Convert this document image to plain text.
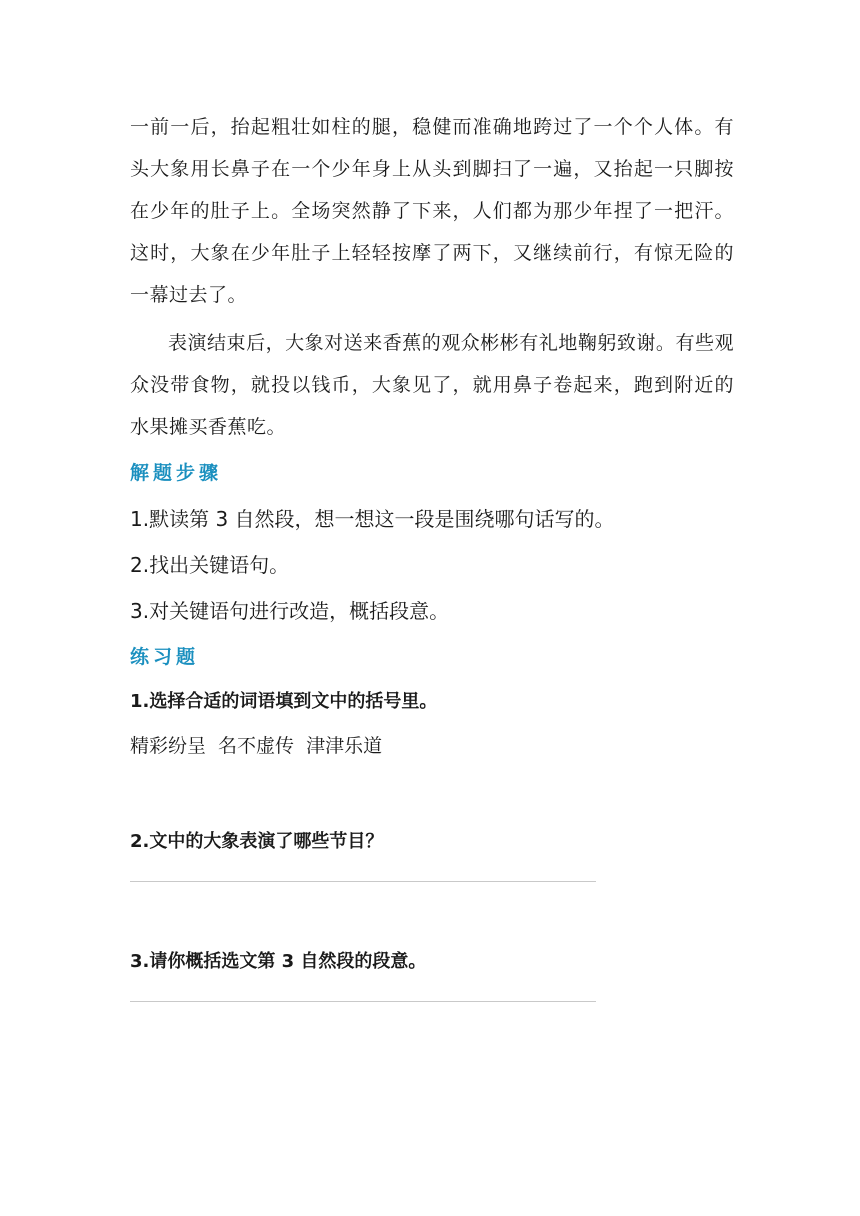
一前一后，抬起粗壮如柱的腿，稳健而准确地跨过了一个个人体。有头大象用长鼻子在一个少年身上从头到脚扫了一遍，又抬起一只脚按在少年的肚子上。全场突然静了下来，人们都为那少年捏了一把汗。这时，大象在少年肚子上轻轻按摩了两下，又继续前行，有惊无险的一幕过去了。

表演结束后，大象对送来香蕉的观众彬彬有礼地鞠躬致谢。有些观众没带食物，就投以钱币，大象见了，就用鼻子卷起来，跑到附近的水果摊买香蕉吃。

解题步骤

1.默读第 3 自然段，想一想这一段是围绕哪句话写的。

2.找出关键语句。

3.对关键语句进行改造，概括段意。

练习题

1.选择合适的词语填到文中的括号里。

精彩纷呈 名不虚传 津津乐道

2.文中的大象表演了哪些节目？

3.请你概括选文第 3 自然段的段意。
